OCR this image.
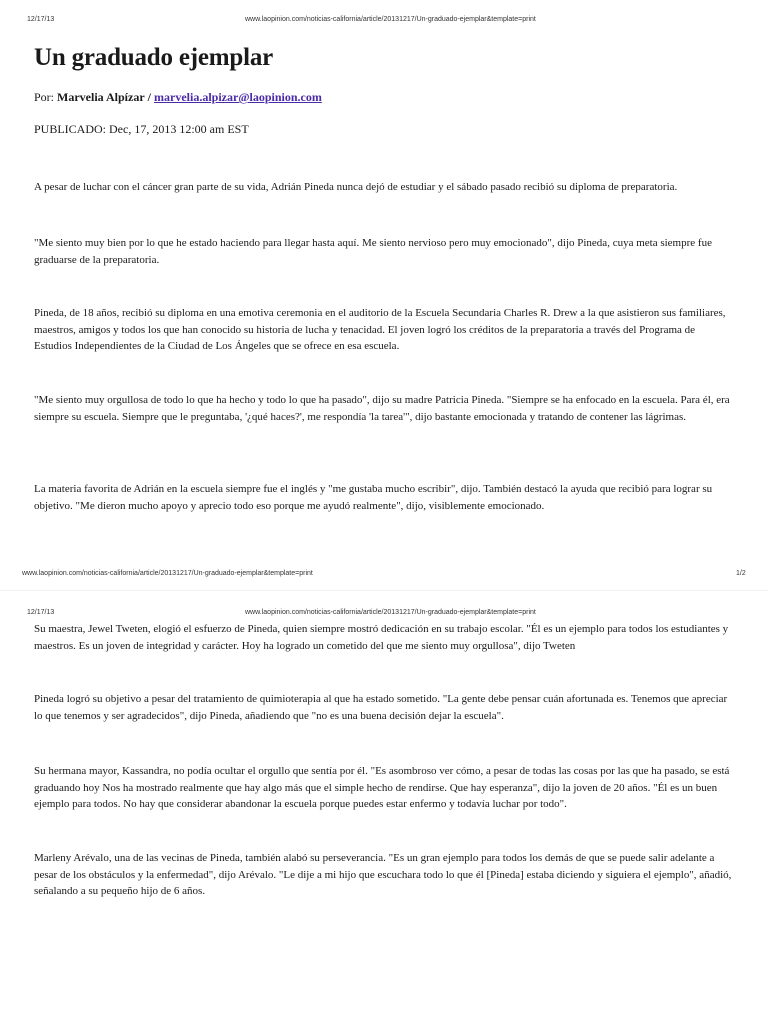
12/17/13	www.laopinion.com/noticias-california/article/20131217/Un-graduado-ejemplar&template=print
Un graduado ejemplar
Por: Marvelia Alpízar / marvelia.alpizar@laopinion.com
PUBLICADO: Dec, 17, 2013 12:00 am EST

A pesar de luchar con el cáncer gran parte de su vida, Adrián Pineda nunca dejó de estudiar y el sábado pasado recibió su diploma de preparatoria.

"Me siento muy bien por lo que he estado haciendo para llegar hasta aquí. Me siento nervioso pero muy emocionado", dijo Pineda, cuya meta siempre fue graduarse de la preparatoria.

Pineda, de 18 años, recibió su diploma en una emotiva ceremonia en el auditorio de la Escuela Secundaria Charles R. Drew a la que asistieron sus familiares, maestros, amigos y todos los que han conocido su historia de lucha y tenacidad. El joven logró los créditos de la preparatoria a través del Programa de Estudios Independientes de la Ciudad de Los Ángeles que se ofrece en esa escuela.

"Me siento muy orgullosa de todo lo que ha hecho y todo lo que ha pasado", dijo su madre Patricia Pineda. "Siempre se ha enfocado en la escuela. Para él, era siempre su escuela. Siempre que le preguntaba, '¿qué haces?', me respondía 'la tarea'", dijo bastante emocionada y tratando de contener las lágrimas.

La materia favorita de Adrián en la escuela siempre fue el inglés y "me gustaba mucho escribir", dijo. También destacó la ayuda que recibió para lograr su objetivo. "Me dieron mucho apoyo y aprecio todo eso porque me ayudó realmente", dijo, visiblemente emocionado.

www.laopinion.com/noticias-california/article/20131217/Un-graduado-ejemplar&template=print	1/2
12/17/13	www.laopinion.com/noticias-california/article/20131217/Un-graduado-ejemplar&template=print

Su maestra, Jewel Tweten, elogió el esfuerzo de Pineda, quien siempre mostró dedicación en su trabajo escolar. "Él es un ejemplo para todos los estudiantes y maestros. Es un joven de integridad y carácter. Hoy ha logrado un cometido del que me siento muy orgullosa", dijo Tweten

Pineda logró su objetivo a pesar del tratamiento de quimioterapia al que ha estado sometido. "La gente debe pensar cuán afortunada es. Tenemos que apreciar lo que tenemos y ser agradecidos", dijo Pineda, añadiendo que "no es una buena decisión dejar la escuela".

Su hermana mayor, Kassandra, no podía ocultar el orgullo que sentía por él. "Es asombroso ver cómo, a pesar de todas las cosas por las que ha pasado, se está graduando hoy Nos ha mostrado realmente que hay algo más que el simple hecho de rendirse. Que hay esperanza", dijo la joven de 20 años. "Él es un buen ejemplo para todos. No hay que considerar abandonar la escuela porque puedes estar enfermo y todavía luchar por todo".

Marleny Arévalo, una de las vecinas de Pineda, también alabó su perseverancia. "Es un gran ejemplo para todos los demás de que se puede salir adelante a pesar de los obstáculos y la enfermedad", dijo Arévalo. "Le dije a mi hijo que escuchara todo lo que él [Pineda] estaba diciendo y siguiera el ejemplo", añadió, señalando a su pequeño hijo de 6 años.
